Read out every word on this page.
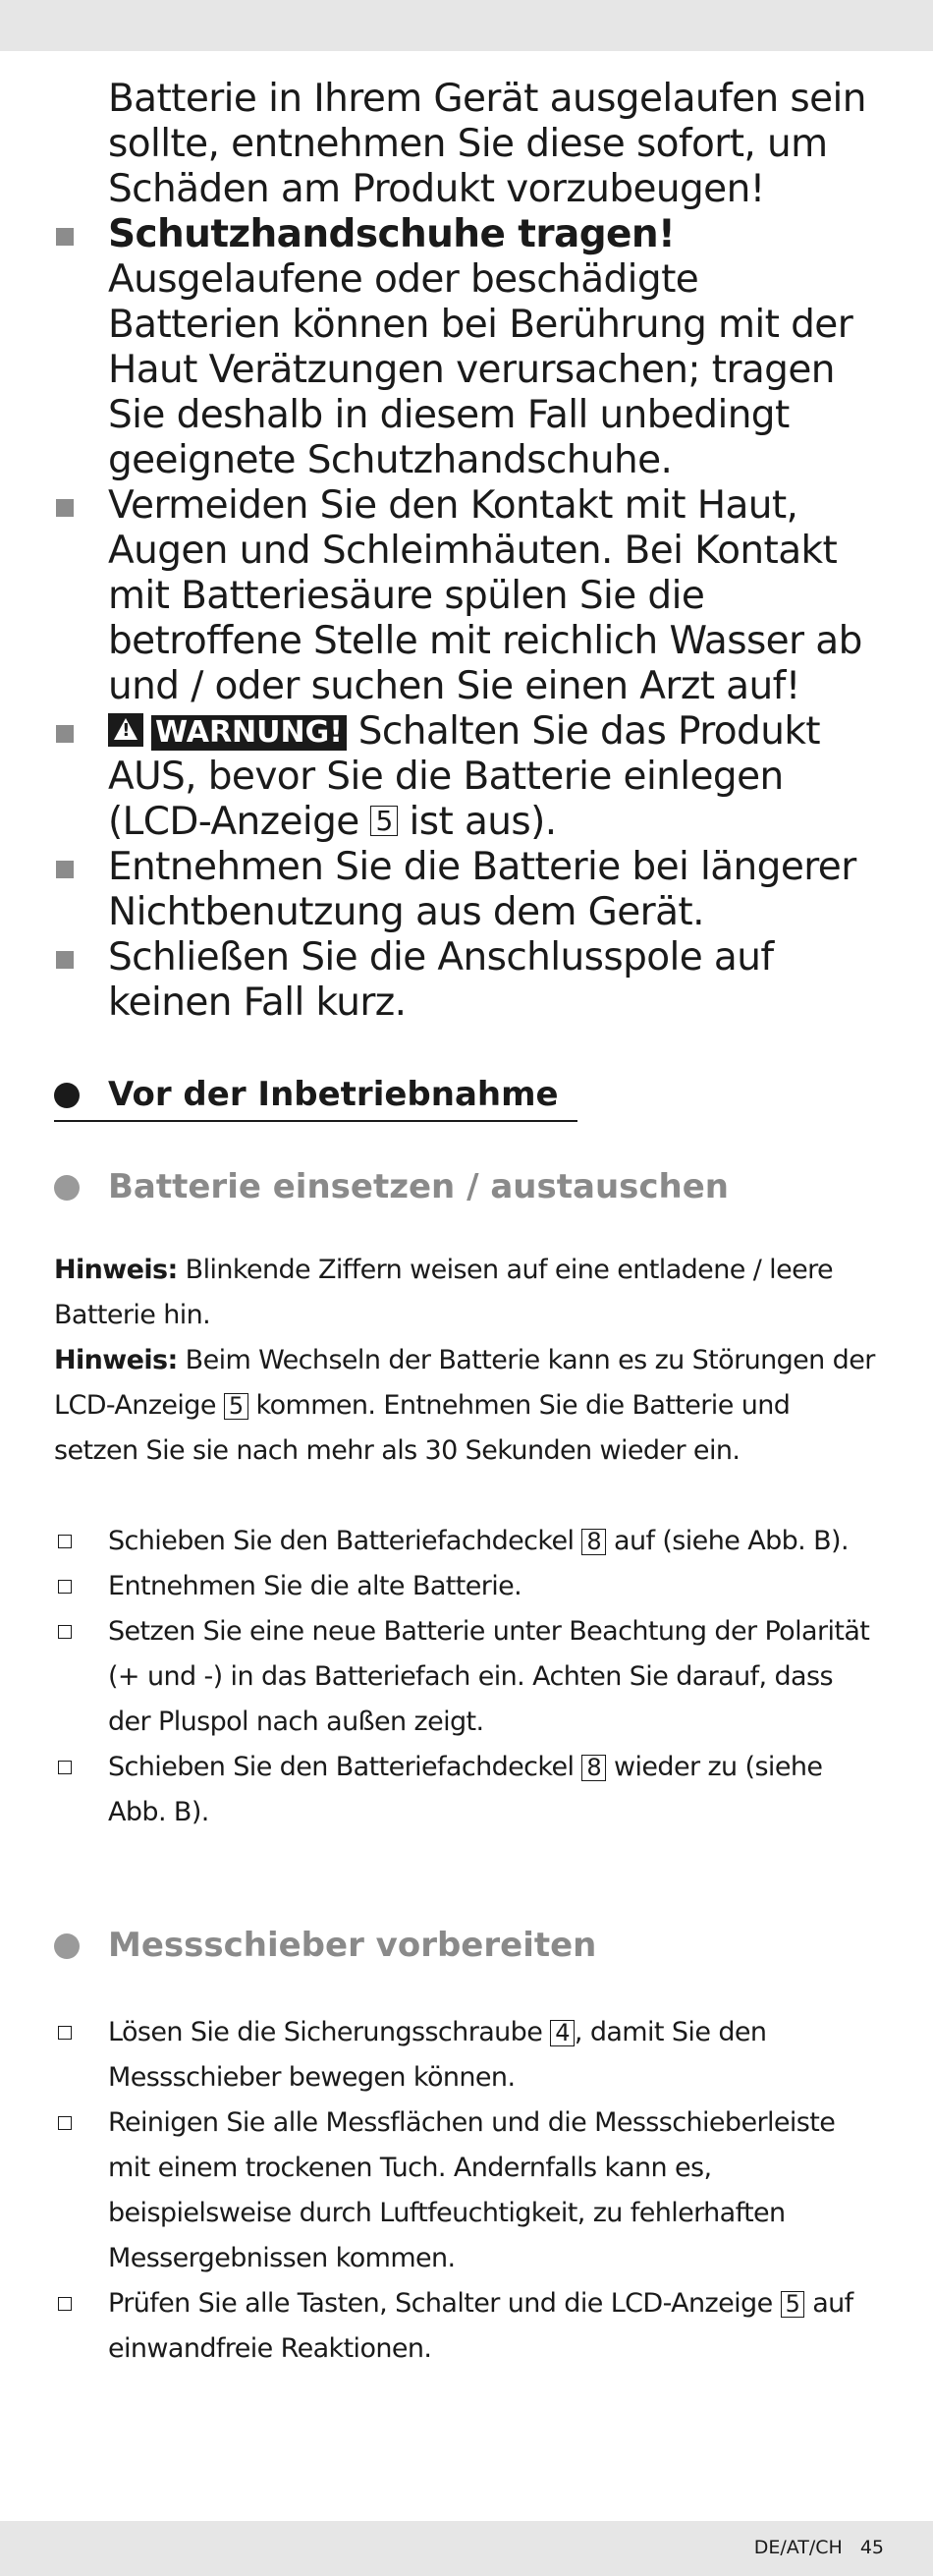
Batterie in Ihrem Gerät ausgelaufen sein sollte, entnehmen Sie diese sofort, um Schäden am Produkt vorzubeugen!
Schutzhandschuhe tragen!
Ausgelaufene oder beschädigte Batterien können bei Berührung mit der Haut Verätzungen verursachen; tragen Sie deshalb in diesem Fall unbedingt geeignete Schutzhandschuhe.
Vermeiden Sie den Kontakt mit Haut, Augen und Schleimhäuten. Bei Kontakt mit Batteriesäure spülen Sie die betroffene Stelle mit reichlich Wasser ab und / oder suchen Sie einen Arzt auf!
! WARNUNG! Schalten Sie das Produkt AUS, bevor Sie die Batterie einlegen (LCD-Anzeige 5 ist aus).
Entnehmen Sie die Batterie bei längerer Nichtbenutzung aus dem Gerät.
Schließen Sie die Anschlusspole auf keinen Fall kurz.
Vor der Inbetriebnahme
Batterie einsetzen / austauschen
Hinweis: Blinkende Ziffern weisen auf eine entladene / leere Batterie hin.
Hinweis: Beim Wechseln der Batterie kann es zu Störungen der LCD-Anzeige 5 kommen. Entnehmen Sie die Batterie und setzen Sie sie nach mehr als 30 Sekunden wieder ein.
Schieben Sie den Batteriefachdeckel 8 auf (siehe Abb. B).
Entnehmen Sie die alte Batterie.
Setzen Sie eine neue Batterie unter Beachtung der Polarität (+ und -) in das Batteriefach ein. Achten Sie darauf, dass der Pluspol nach außen zeigt.
Schieben Sie den Batteriefachdeckel 8 wieder zu (siehe Abb. B).
Messschieber vorbereiten
Lösen Sie die Sicherungsschraube 4 , damit Sie den Messschieber bewegen können.
Reinigen Sie alle Messflächen und die Messschieberleiste mit einem trockenen Tuch. Andernfalls kann es, beispielsweise durch Luftfeuchtigkeit, zu fehlerhaften Messergebnissen kommen.
Prüfen Sie alle Tasten, Schalter und die LCD-Anzeige 5 auf einwandfreie Reaktionen.
DE/AT/CH 45
